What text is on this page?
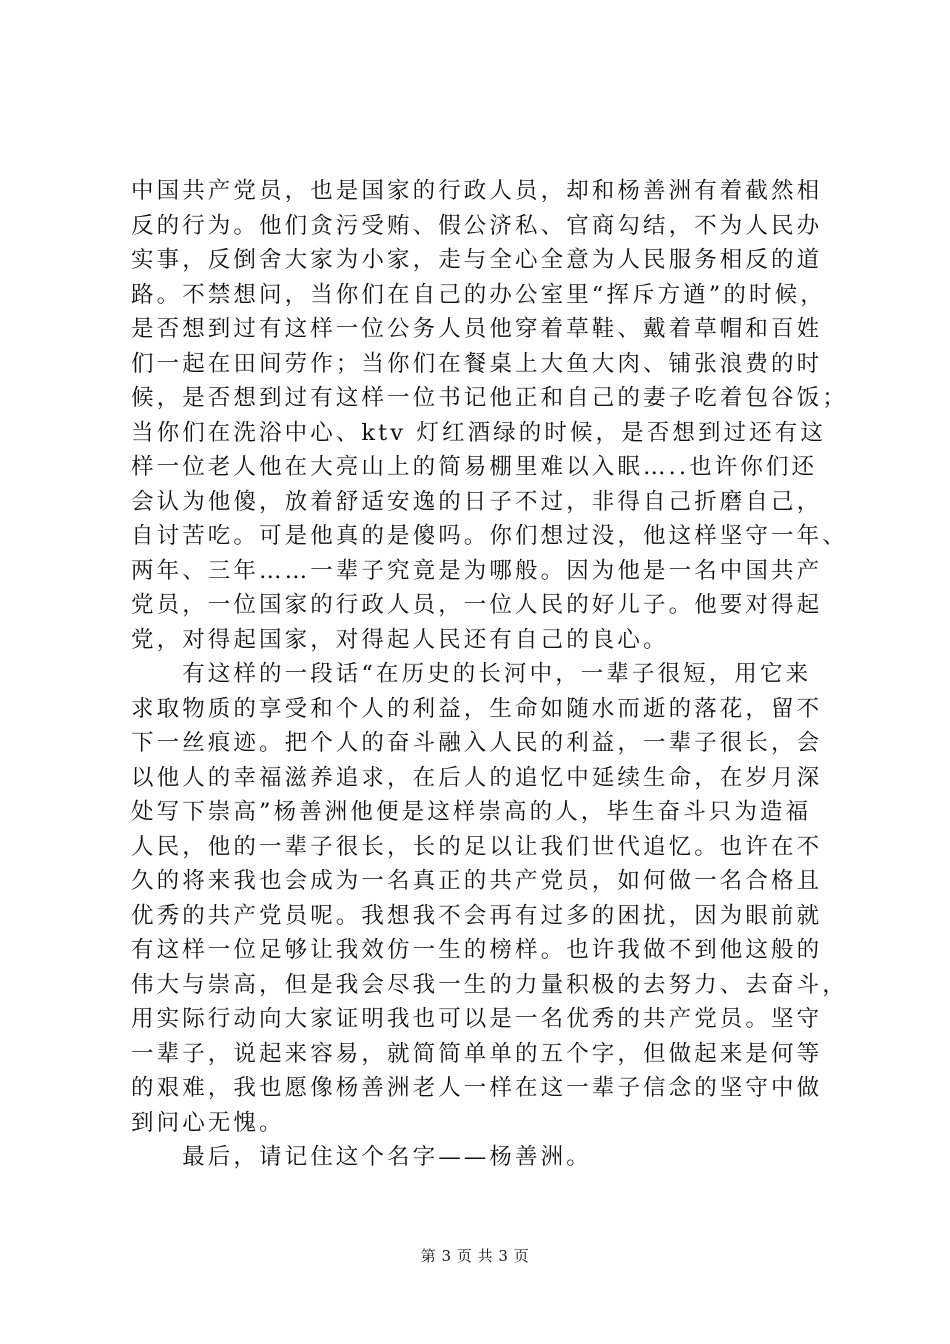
中国共产党员，也是国家的行政人员，却和杨善洲有着截然相
反的行为。他们贪污受贿、假公济私、官商勾结，不为人民办
实事，反倒舍大家为小家，走与全心全意为人民服务相反的道
路。不禁想问，当你们在自己的办公室里“挥斥方遒”的时候，
是否想到过有这样一位公务人员他穿着草鞋、戴着草帽和百姓
们一起在田间劳作；当你们在餐桌上大鱼大肉、铺张浪费的时
候，是否想到过有这样一位书记他正和自己的妻子吃着包谷饭；
当你们在洗浴中心、ktv 灯红酒绿的时候，是否想到过还有这
样一位老人他在大亮山上的简易棚里难以入眠…..也许你们还
会认为他傻，放着舒适安逸的日子不过，非得自己折磨自己，
自讨苦吃。可是他真的是傻吗。你们想过没，他这样坚守一年、
两年、三年……一辈子究竟是为哪般。因为他是一名中国共产
党员，一位国家的行政人员，一位人民的好儿子。他要对得起
党，对得起国家，对得起人民还有自己的良心。
　　有这样的一段话“在历史的长河中，一辈子很短，用它来
求取物质的享受和个人的利益，生命如随水而逝的落花，留不
下一丝痕迹。把个人的奋斗融入人民的利益，一辈子很长，会
以他人的幸福滋养追求，在后人的追忆中延续生命，在岁月深
处写下崇高”杨善洲他便是这样崇高的人，毕生奋斗只为造福
人民，他的一辈子很长，长的足以让我们世代追忆。也许在不
久的将来我也会成为一名真正的共产党员，如何做一名合格且
优秀的共产党员呢。我想我不会再有过多的困扰，因为眼前就
有这样一位足够让我效仿一生的榜样。也许我做不到他这般的
伟大与崇高，但是我会尽我一生的力量积极的去努力、去奋斗，
用实际行动向大家证明我也可以是一名优秀的共产党员。坚守
一辈子，说起来容易，就简简单单的五个字，但做起来是何等
的艰难，我也愿像杨善洲老人一样在这一辈子信念的坚守中做
到问心无愧。
　　最后，请记住这个名字——杨善洲。
第 3 页 共 3 页
